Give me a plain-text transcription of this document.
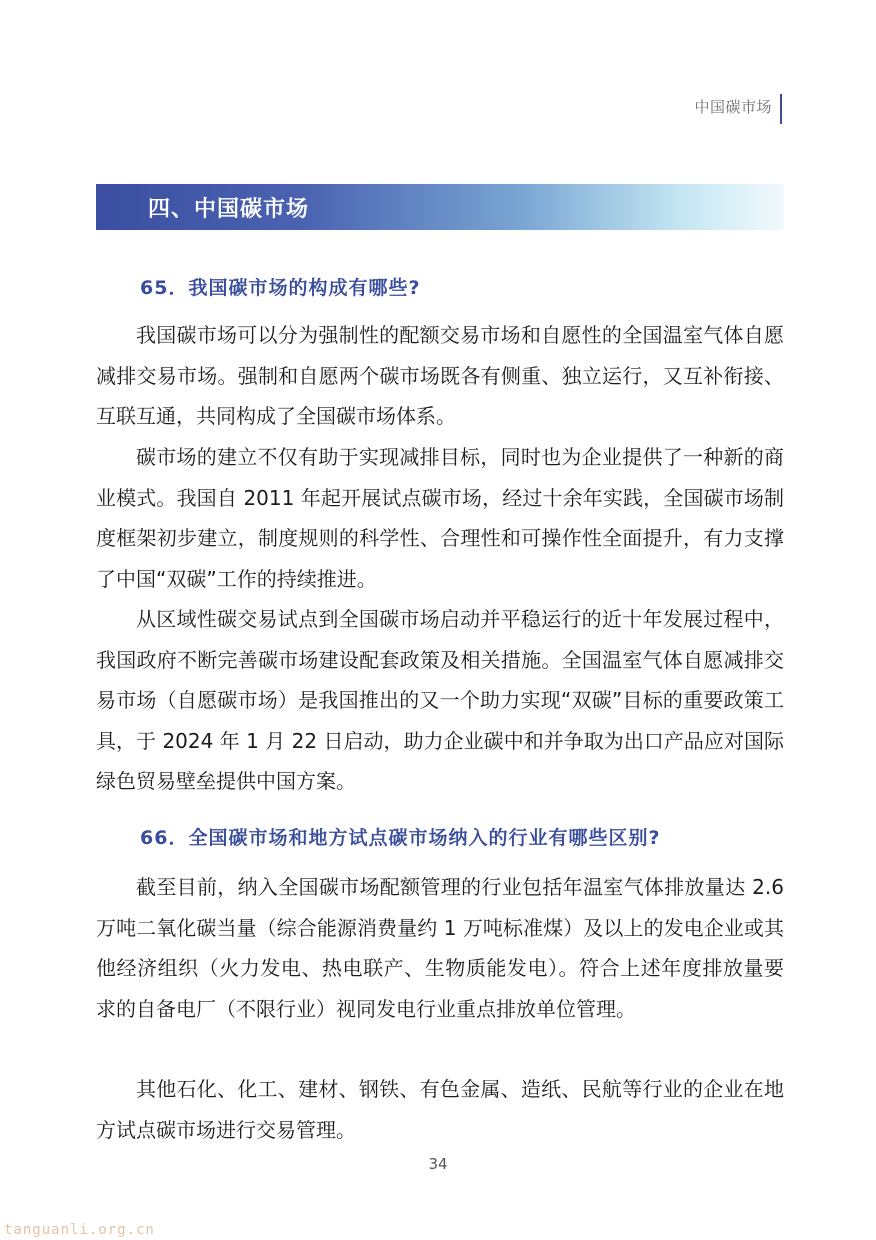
中国碳市场
四、中国碳市场
65．我国碳市场的构成有哪些?

我国碳市场可以分为强制性的配额交易市场和自愿性的全国温室气体自愿减排交易市场。强制和自愿两个碳市场既各有侧重、独立运行，又互补衔接、互联互通，共同构成了全国碳市场体系。

碳市场的建立不仅有助于实现减排目标，同时也为企业提供了一种新的商业模式。我国自 2011 年起开展试点碳市场，经过十余年实践，全国碳市场制度框架初步建立，制度规则的科学性、合理性和可操作性全面提升，有力支撑了中国“双碳”工作的持续推进。

从区域性碳交易试点到全国碳市场启动并平稳运行的近十年发展过程中，我国政府不断完善碳市场建设配套政策及相关措施。全国温室气体自愿减排交易市场（自愿碳市场）是我国推出的又一个助力实现“双碳”目标的重要政策工具，于 2024 年 1 月 22 日启动，助力企业碳中和并争取为出口产品应对国际绿色贸易壁垒提供中国方案。

66．全国碳市场和地方试点碳市场纳入的行业有哪些区别?

截至目前，纳入全国碳市场配额管理的行业包括年温室气体排放量达 2.6 万吨二氧化碳当量（综合能源消费量约 1 万吨标准煤）及以上的发电企业或其他经济组织（火力发电、热电联产、生物质能发电）。符合上述年度排放量要求的自备电厂（不限行业）视同发电行业重点排放单位管理。

其他石化、化工、建材、钢铁、有色金属、造纸、民航等行业的企业在地方试点碳市场进行交易管理。

34
tanguanli.org.cn
